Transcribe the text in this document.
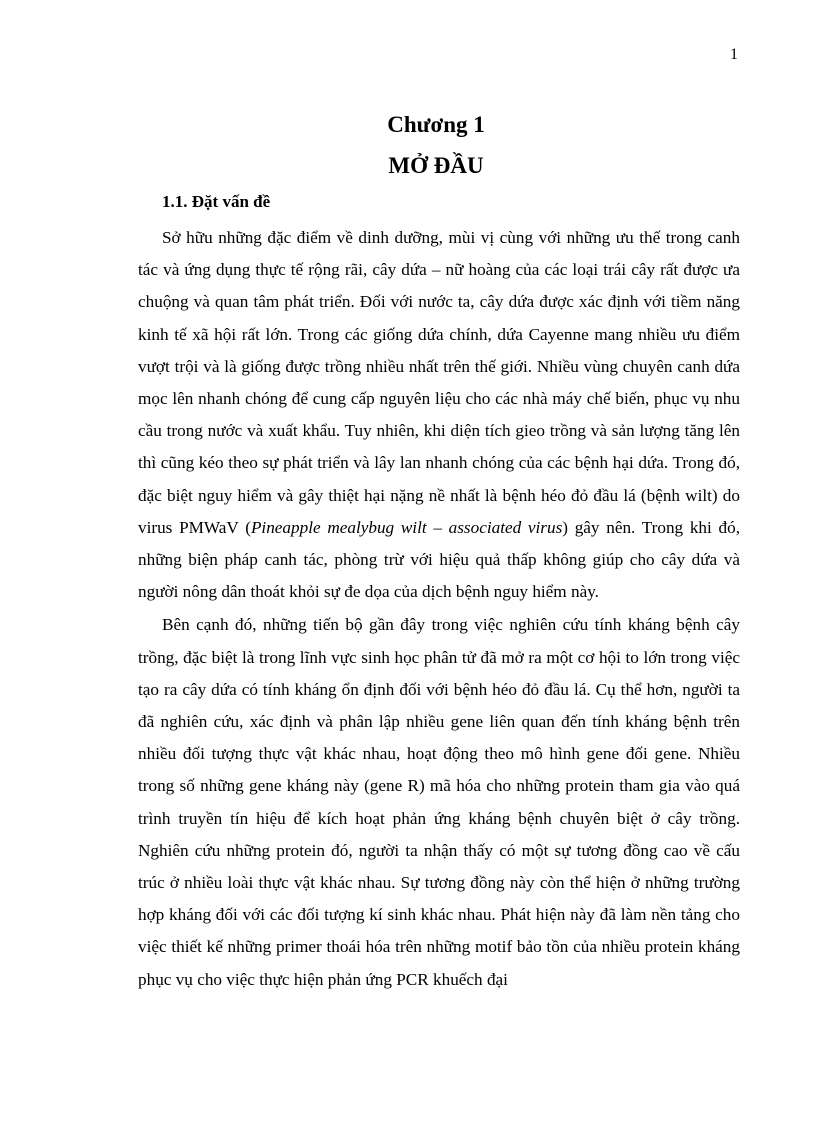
1
Chương 1
MỞ ĐẦU
1.1. Đặt vấn đề

Sở hữu những đặc điểm về dinh dưỡng, mùi vị cùng với những ưu thế trong canh tác và ứng dụng thực tế rộng rãi, cây dứa – nữ hoàng của các loại trái cây rất được ưa chuộng và quan tâm phát triển. Đối với nước ta, cây dứa được xác định với tiềm năng kinh tế xã hội rất lớn. Trong các giống dứa chính, dứa Cayenne mang nhiều ưu điểm vượt trội và là giống được trồng nhiều nhất trên thế giới. Nhiều vùng chuyên canh dứa mọc lên nhanh chóng để cung cấp nguyên liệu cho các nhà máy chế biến, phục vụ nhu cầu trong nước và xuất khẩu. Tuy nhiên, khi diện tích gieo trồng và sản lượng tăng lên thì cũng kéo theo sự phát triển và lây lan nhanh chóng của các bệnh hại dứa. Trong đó, đặc biệt nguy hiểm và gây thiệt hại nặng nề nhất là bệnh héo đỏ đầu lá (bệnh wilt) do virus PMWaV (Pineapple mealybug wilt – associated virus) gây nên. Trong khi đó, những biện pháp canh tác, phòng trừ với hiệu quả thấp không giúp cho cây dứa và người nông dân thoát khỏi sự đe dọa của dịch bệnh nguy hiểm này.

Bên cạnh đó, những tiến bộ gần đây trong việc nghiên cứu tính kháng bệnh cây trồng, đặc biệt là trong lĩnh vực sinh học phân tử đã mở ra một cơ hội to lớn trong việc tạo ra cây dứa có tính kháng ổn định đối với bệnh héo đỏ đầu lá. Cụ thể hơn, người ta đã nghiên cứu, xác định và phân lập nhiều gene liên quan đến tính kháng bệnh trên nhiều đối tượng thực vật khác nhau, hoạt động theo mô hình gene đối gene. Nhiều trong số những gene kháng này (gene R) mã hóa cho những protein tham gia vào quá trình truyền tín hiệu để kích hoạt phản ứng kháng bệnh chuyên biệt ở cây trồng. Nghiên cứu những protein đó, người ta nhận thấy có một sự tương đồng cao về cấu trúc ở nhiều loài thực vật khác nhau. Sự tương đồng này còn thể hiện ở những trường hợp kháng đối với các đối tượng kí sinh khác nhau. Phát hiện này đã làm nền tảng cho việc thiết kế những primer thoái hóa trên những motif bảo tồn của nhiều protein kháng phục vụ cho việc thực hiện phản ứng PCR khuếch đại
